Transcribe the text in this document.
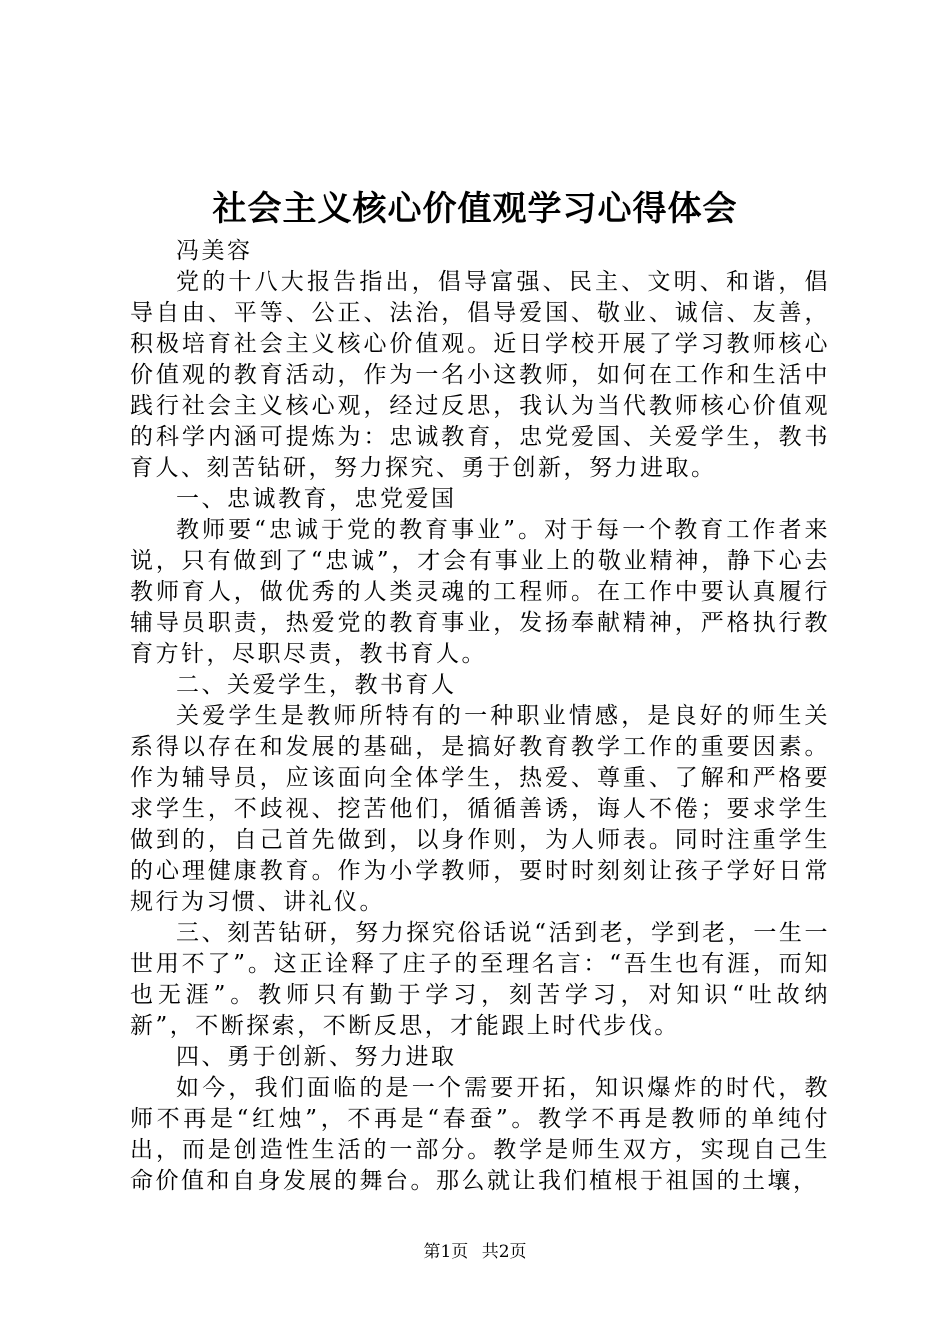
社会主义核心价值观学习心得体会

冯美容

党的十八大报告指出，倡导富强、民主、文明、和谐，倡导自由、平等、公正、法治，倡导爱国、敬业、诚信、友善，积极培育社会主义核心价值观。近日学校开展了学习教师核心价值观的教育活动，作为一名小这教师，如何在工作和生活中践行社会主义核心观，经过反思，我认为当代教师核心价值观的科学内涵可提炼为：忠诚教育，忠党爱国、关爱学生，教书育人、刻苦钻研，努力探究、勇于创新，努力进取。

一、忠诚教育，忠党爱国

教师要“忠诚于党的教育事业”。对于每一个教育工作者来说，只有做到了“忠诚”，才会有事业上的敬业精神，静下心去教师育人，做优秀的人类灵魂的工程师。在工作中要认真履行辅导员职责，热爱党的教育事业，发扬奉献精神，严格执行教育方针，尽职尽责，教书育人。

二、关爱学生，教书育人

关爱学生是教师所特有的一种职业情感，是良好的师生关系得以存在和发展的基础，是搞好教育教学工作的重要因素。作为辅导员，应该面向全体学生，热爱、尊重、了解和严格要求学生，不歧视、挖苦他们，循循善诱，诲人不倦；要求学生做到的，自己首先做到，以身作则，为人师表。同时注重学生的心理健康教育。作为小学教师，要时时刻刻让孩子学好日常规行为习惯、讲礼仪。

三、刻苦钻研，努力探究俗话说“活到老，学到老，一生一世用不了”。这正诠释了庄子的至理名言：“吾生也有涯，而知也无涯”。教师只有勤于学习，刻苦学习，对知识“吐故纳新”，不断探索，不断反思，才能跟上时代步伐。

四、勇于创新、努力进取

如今，我们面临的是一个需要开拓，知识爆炸的时代，教师不再是“红烛”，不再是“春蚕”。教学不再是教师的单纯付出，而是创造性生活的一部分。教学是师生双方，实现自己生命价值和自身发展的舞台。那么就让我们植根于祖国的土壤，

第1页 共2页
